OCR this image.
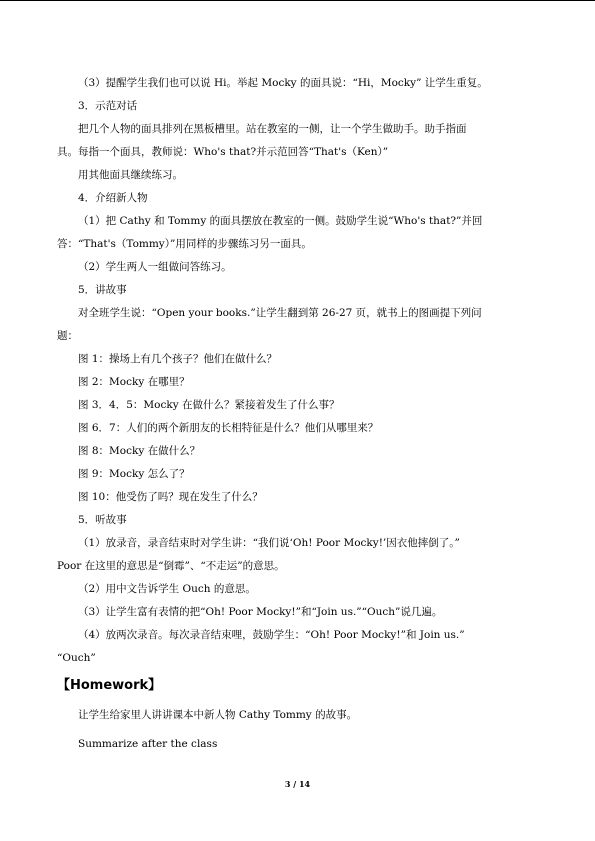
（3）提醒学生我们也可以说 Hi。举起 Mocky 的面具说：“Hi，Mocky” 让学生重复。
3．示范对话
把几个人物的面具排列在黑板槽里。站在教室的一侧，让一个学生做助手。助手指面
具。每指一个面具，教师说：Who's that?并示范回答“That's（Ken）”
用其他面具继续练习。
4．介绍新人物
（1）把 Cathy 和 Tommy 的面具摆放在教室的一侧。鼓励学生说“Who's that?”并回
答：“That's（Tommy）”用同样的步骤练习另一面具。
（2）学生两人一组做问答练习。
5．讲故事
对全班学生说：“Open your books.”让学生翻到第 26-27 页，就书上的图画提下列问
题：
图 1：操场上有几个孩子？他们在做什么？
图 2：Mocky 在哪里？
图 3．4．5：Mocky 在做什么？紧接着发生了什么事？
图 6．7：人们的两个新朋友的长相特征是什么？他们从哪里来？
图 8：Mocky 在做什么？
图 9：Mocky 怎么了？
图 10：他受伤了吗？现在发生了什么？
5．听故事
（1）放录音，录音结束时对学生讲：“我们说‘Oh! Poor Mocky!’因衣他摔倒了。”
Poor 在这里的意思是“倒霉”、“不走运”的意思。
（2）用中文告诉学生 Ouch 的意思。
（3）让学生富有表情的把“Oh! Poor Mocky!”和“Join us.”“Ouch”说几遍。
（4）放两次录音。每次录音结束哩，鼓励学生：“Oh! Poor Mocky!”和 Join us.”
“Ouch”
【Homework】
让学生给家里人讲讲课本中新人物 Cathy Tommy 的故事。
Summarize after the class
3 / 14
